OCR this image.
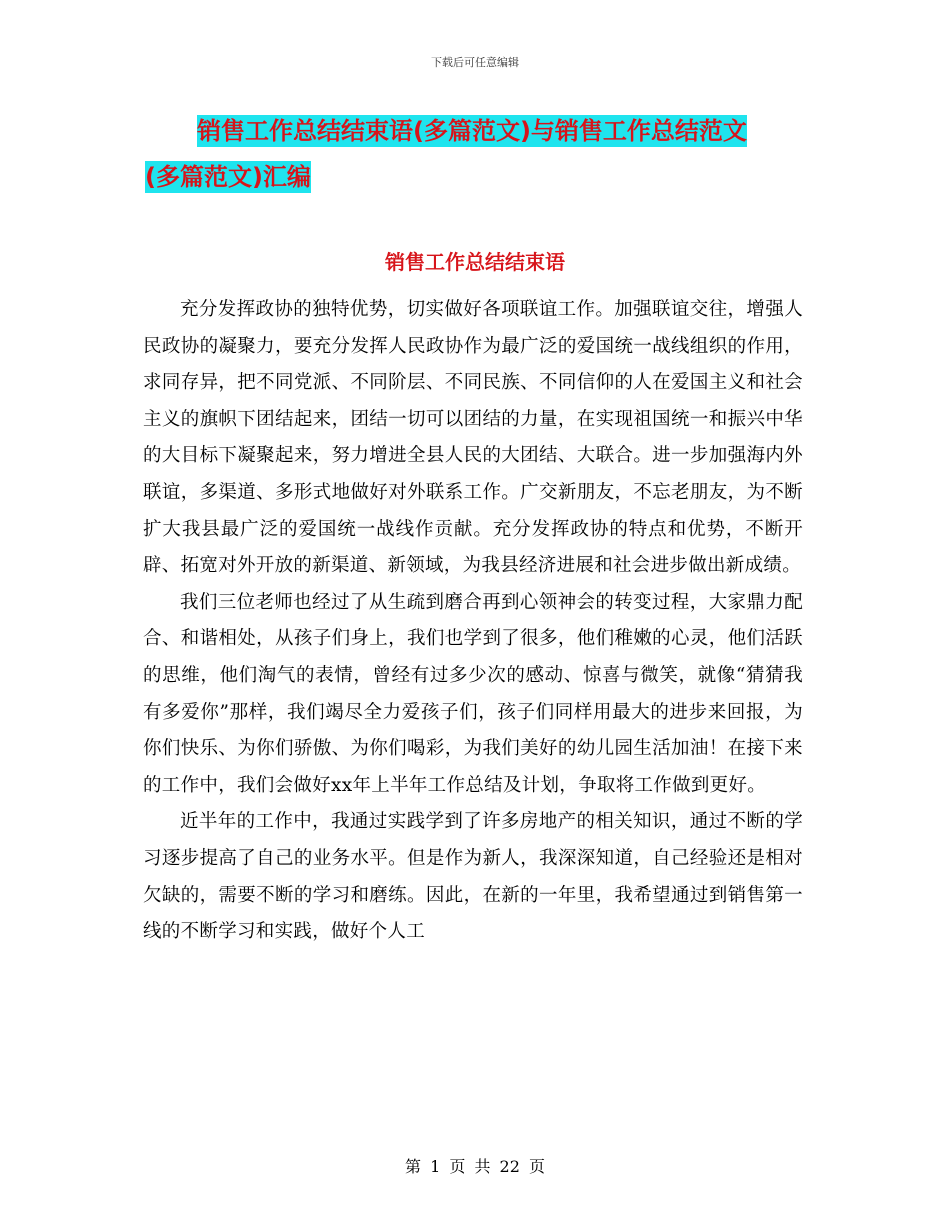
下载后可任意编辑
销售工作总结结束语(多篇范文)与销售工作总结范文
(多篇范文)汇编
销售工作总结结束语

充分发挥政协的独特优势，切实做好各项联谊工作。加强联谊交往，增强人民政协的凝聚力，要充分发挥人民政协作为最广泛的爱国统一战线组织的作用，求同存异，把不同党派、不同阶层、不同民族、不同信仰的人在爱国主义和社会主义的旗帜下团结起来，团结一切可以团结的力量，在实现祖国统一和振兴中华的大目标下凝聚起来，努力增进全县人民的大团结、大联合。进一步加强海内外联谊，多渠道、多形式地做好对外联系工作。广交新朋友，不忘老朋友，为不断扩大我县最广泛的爱国统一战线作贡献。充分发挥政协的特点和优势，不断开辟、拓宽对外开放的新渠道、新领域，为我县经济进展和社会进步做出新成绩。

我们三位老师也经过了从生疏到磨合再到心领神会的转变过程，大家鼎力配合、和谐相处，从孩子们身上，我们也学到了很多，他们稚嫩的心灵，他们活跃的思维，他们淘气的表情，曾经有过多少次的感动、惊喜与微笑，就像“猜猜我有多爱你”那样，我们竭尽全力爱孩子们，孩子们同样用最大的进步来回报，为你们快乐、为你们骄傲、为你们喝彩，为我们美好的幼儿园生活加油！在接下来的工作中，我们会做好xx年上半年工作总结及计划，争取将工作做到更好。

近半年的工作中，我通过实践学到了许多房地产的相关知识，通过不断的学习逐步提高了自己的业务水平。但是作为新人，我深深知道，自己经验还是相对欠缺的，需要不断的学习和磨练。因此，在新的一年里，我希望通过到销售第一线的不断学习和实践，做好个人工

第 1 页 共 22 页
